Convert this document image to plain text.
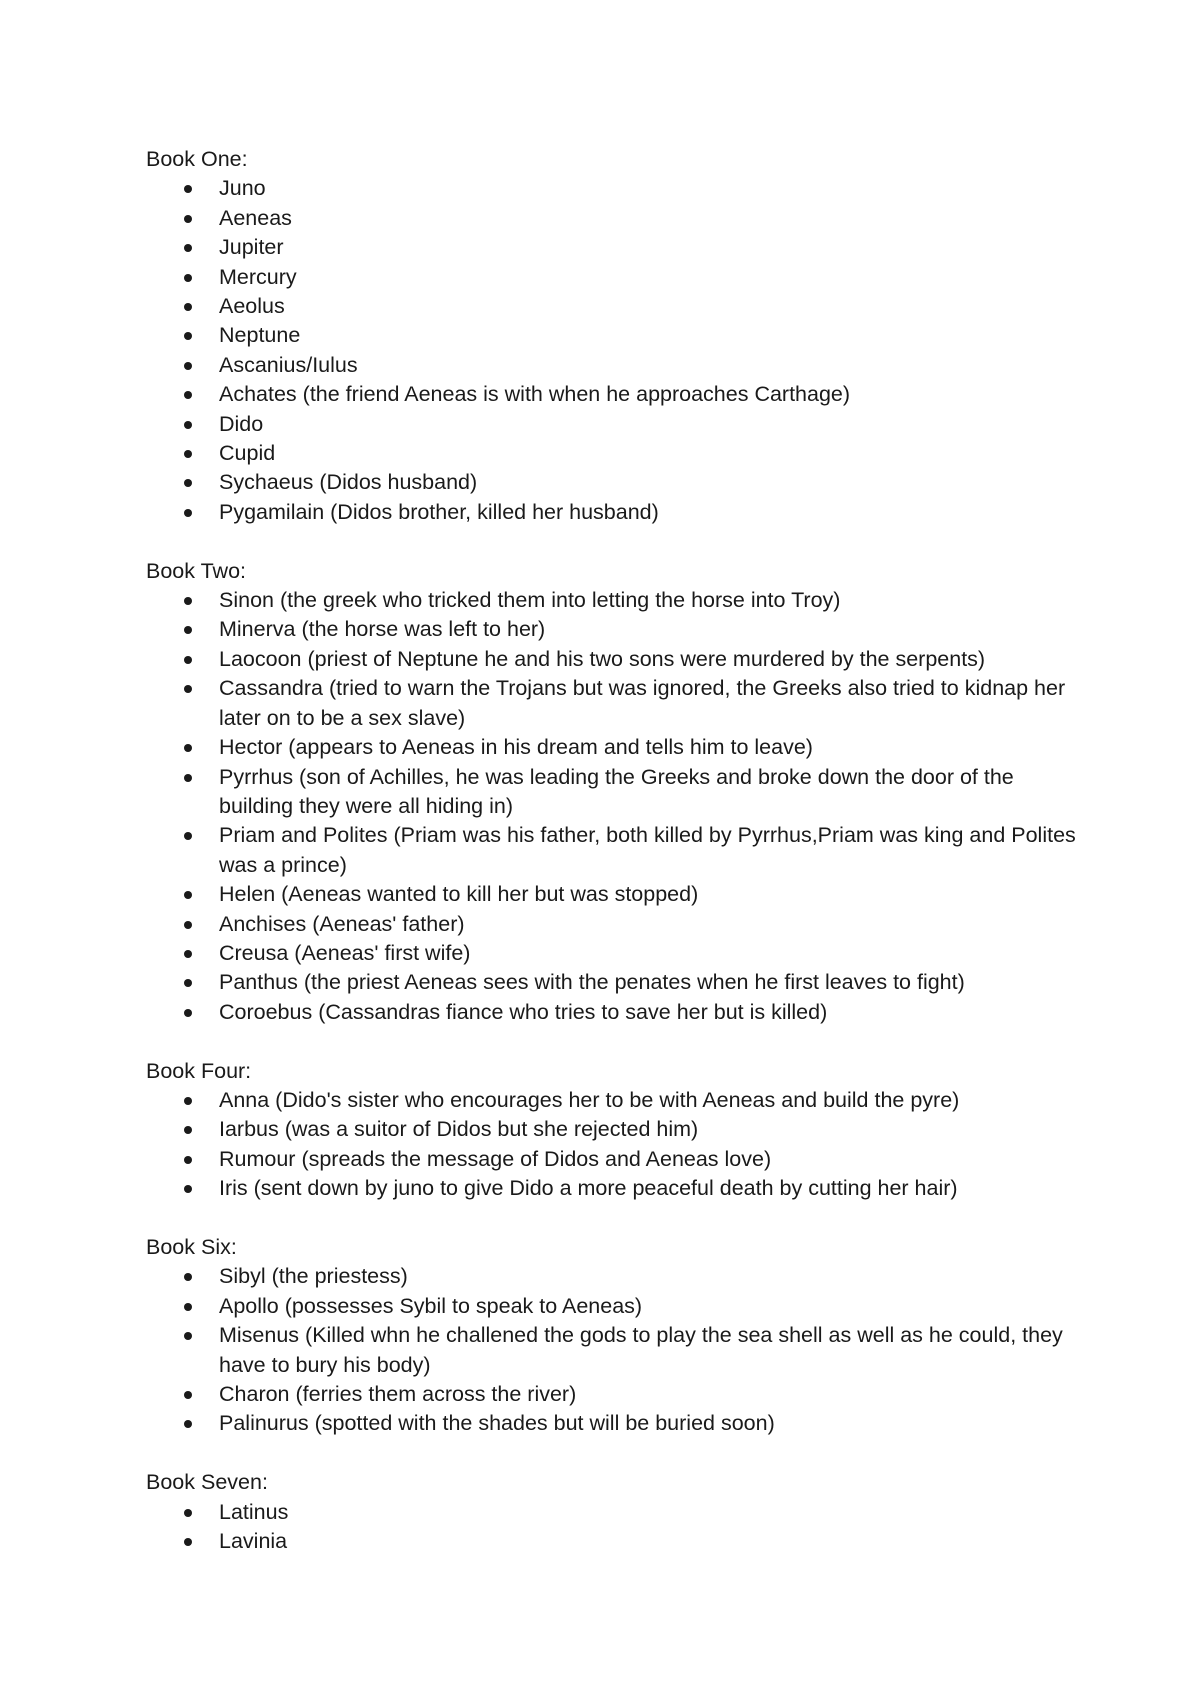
Book One:

Juno
Aeneas
Jupiter
Mercury
Aeolus
Neptune
Ascanius/Iulus
Achates (the friend Aeneas is with when he approaches Carthage)
Dido
Cupid
Sychaeus (Didos husband)
Pygamilain (Didos brother, killed her husband)

Book Two:

Sinon (the greek who tricked them into letting the horse into Troy)
Minerva (the horse was left to her)
Laocoon (priest of Neptune he and his two sons were murdered by the serpents)
Cassandra (tried to warn the Trojans but was ignored, the Greeks also tried to kidnap her later on to be a sex slave)
Hector (appears to Aeneas in his dream and tells him to leave)
Pyrrhus (son of Achilles, he was leading the Greeks and broke down the door of the building they were all hiding in)
Priam and Polites (Priam was his father, both killed by Pyrrhus,Priam was king and Polites was a prince)
Helen (Aeneas wanted to kill her but was stopped)
Anchises (Aeneas' father)
Creusa (Aeneas' first wife)
Panthus (the priest Aeneas sees with the penates when he first leaves to fight)
Coroebus (Cassandras fiance who tries to save her but is killed)

Book Four:

Anna (Dido's sister who encourages her to be with Aeneas and build the pyre)
Iarbus (was a suitor of Didos but she rejected him)
Rumour (spreads the message of Didos and Aeneas love)
Iris (sent down by juno to give Dido a more peaceful death by cutting her hair)

Book Six:

Sibyl (the priestess)
Apollo (possesses Sybil to speak to Aeneas)
Misenus (Killed whn he challened the gods to play the sea shell as well as he could, they have to bury his body)
Charon (ferries them across the river)
Palinurus (spotted with the shades but will be buried soon)

Book Seven:

Latinus
Lavinia
